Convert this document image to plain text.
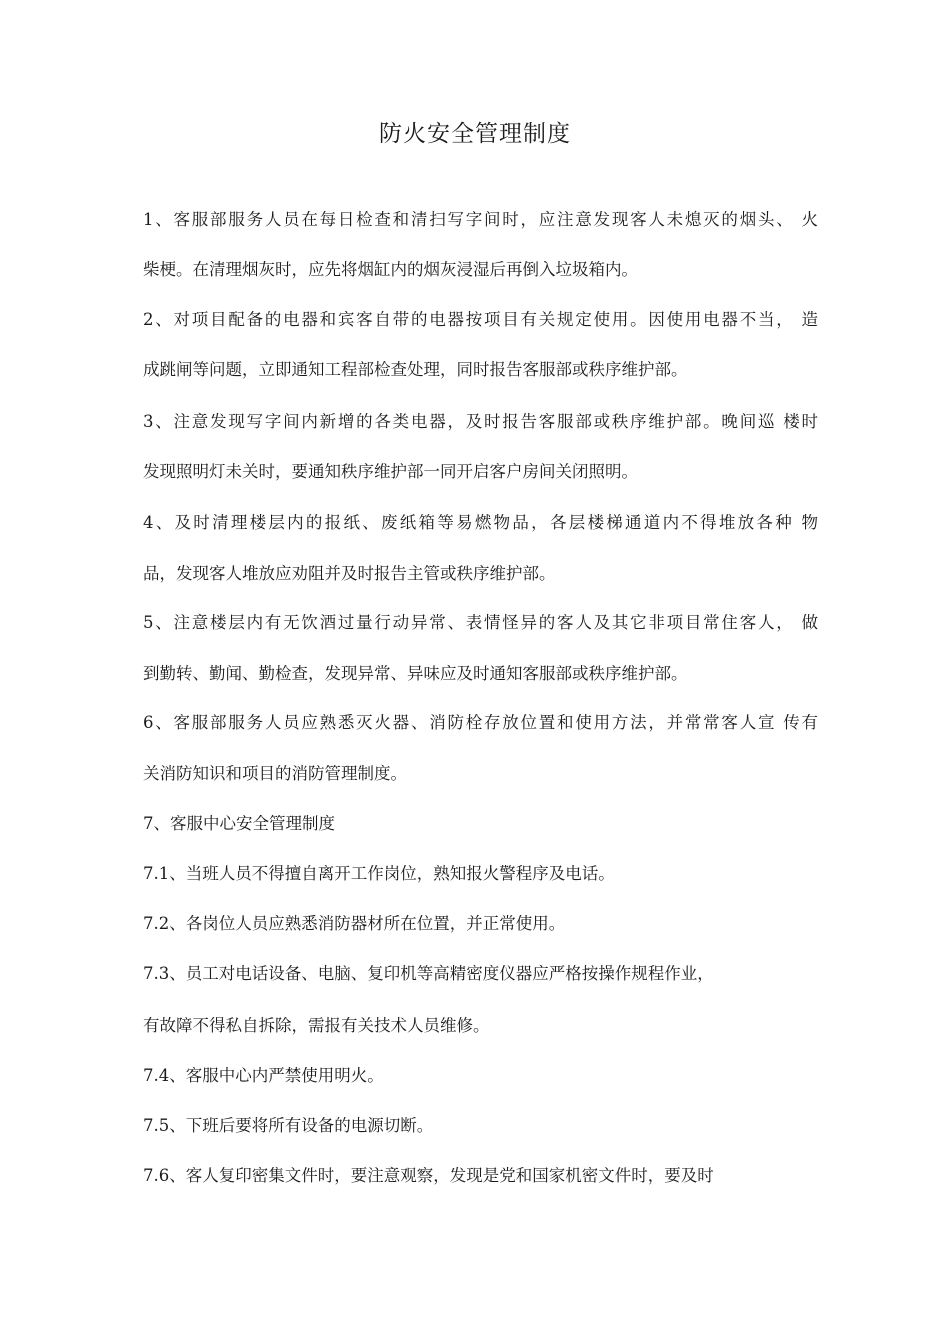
防火安全管理制度

1、客服部服务人员在每日检查和清扫写字间时，应注意发现客人未熄灭的烟头、 火

柴梗。在清理烟灰时，应先将烟缸内的烟灰浸湿后再倒入垃圾箱内。

2、对项目配备的电器和宾客自带的电器按项目有关规定使用。因使用电器不当， 造

成跳闸等问题，立即通知工程部检查处理，同时报告客服部或秩序维护部。

3、注意发现写字间内新增的各类电器，及时报告客服部或秩序维护部。晚间巡 楼时

发现照明灯未关时，要通知秩序维护部一同开启客户房间关闭照明。

4、及时清理楼层内的报纸、废纸箱等易燃物品，各层楼梯通道内不得堆放各种 物

品，发现客人堆放应劝阻并及时报告主管或秩序维护部。

5、注意楼层内有无饮酒过量行动异常、表情怪异的客人及其它非项目常住客人， 做

到勤转、勤闻、勤检查，发现异常、异味应及时通知客服部或秩序维护部。

6、客服部服务人员应熟悉灭火器、消防栓存放位置和使用方法，并常常客人宣 传有

关消防知识和项目的消防管理制度。

7、客服中心安全管理制度

7.1、当班人员不得擅自离开工作岗位，熟知报火警程序及电话。

7.2、各岗位人员应熟悉消防器材所在位置，并正常使用。

7.3、员工对电话设备、电脑、复印机等高精密度仪器应严格按操作规程作业，

有故障不得私自拆除，需报有关技术人员维修。

7.4、客服中心内严禁使用明火。

7.5、下班后要将所有设备的电源切断。

7.6、客人复印密集文件时，要注意观察，发现是党和国家机密文件时，要及时
